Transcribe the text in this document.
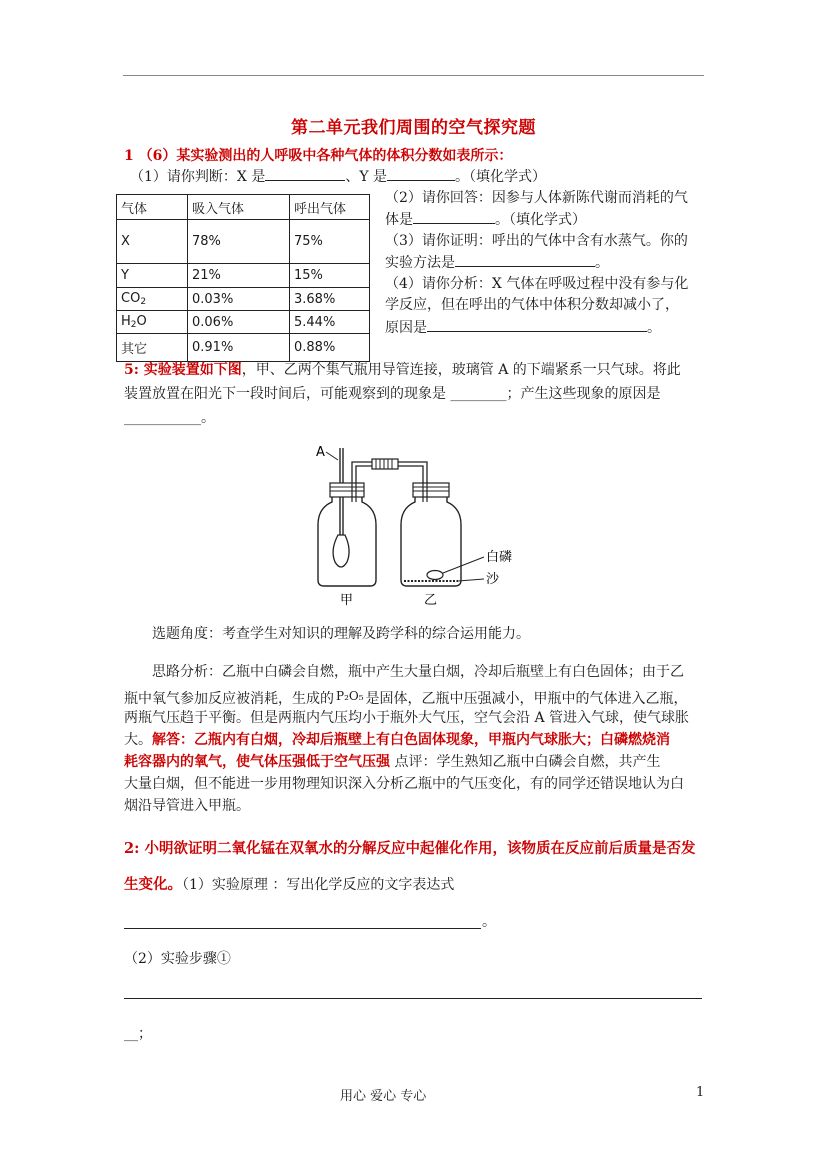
第二单元我们周围的空气探究题
1 （6）某实验测出的人呼吸中各种气体的体积分数如表所示：
（1）请你判断：X 是	、Y 是	。（填化学式）
气体	吸入气体	呼出气体
X	78%	75%
Y	21%	15%
$CO_2$	0.03%	3.68%
$H_2O$	0.06%	5.44%
其它	0.91%	0.88%
（2）请你回答：因参与人体新陈代谢而消耗的气
体是	。（填化学式）
（3）请你证明：呼出的气体中含有水蒸气。你的
实验方法是	。
（4）请你分析：X 气体在呼吸过程中没有参与化
学反应，但在呼出的气体中体积分数却减小了，
原因是	。
5: 实验装置如下图，甲、乙两个集气瓶用导管连接，玻璃管 A 的下端紧系一只气球。将此
装置放置在阳光下一段时间后，可能观察到的现象是 ________；产生这些现象的原因是
___________。
A
白磷
沙
甲	乙
选题角度：考查学生对知识的理解及跨学科的综合运用能力。
思路分析：乙瓶中白磷会自燃，瓶中产生大量白烟，冷却后瓶壁上有白色固体；由于乙
瓶中氧气参加反应被消耗，生成的 P₂O₅ 是固体，乙瓶中压强减小，甲瓶中的气体进入乙瓶，
两瓶气压趋于平衡。但是两瓶内气压均小于瓶外大气压，空气会沿 A 管进入气球，使气球胀
大。解答：乙瓶内有白烟，冷却后瓶壁上有白色固体现象，甲瓶内气球胀大；白磷燃烧消
耗容器内的氧气，使气体压强低于空气压强 点评：学生熟知乙瓶中白磷会自燃，共产生
大量白烟，但不能进一步用物理知识深入分析乙瓶中的气压变化，有的同学还错误地认为白
烟沿导管进入甲瓶。
2: 小明欲证明二氧化锰在双氧水的分解反应中起催化作用，该物质在反应前后质量是否发
生变化。（1）实验原理 ：写出化学反应的文字表达式
。
（2）实验步骤①
__；
用心 爱心 专心	1
